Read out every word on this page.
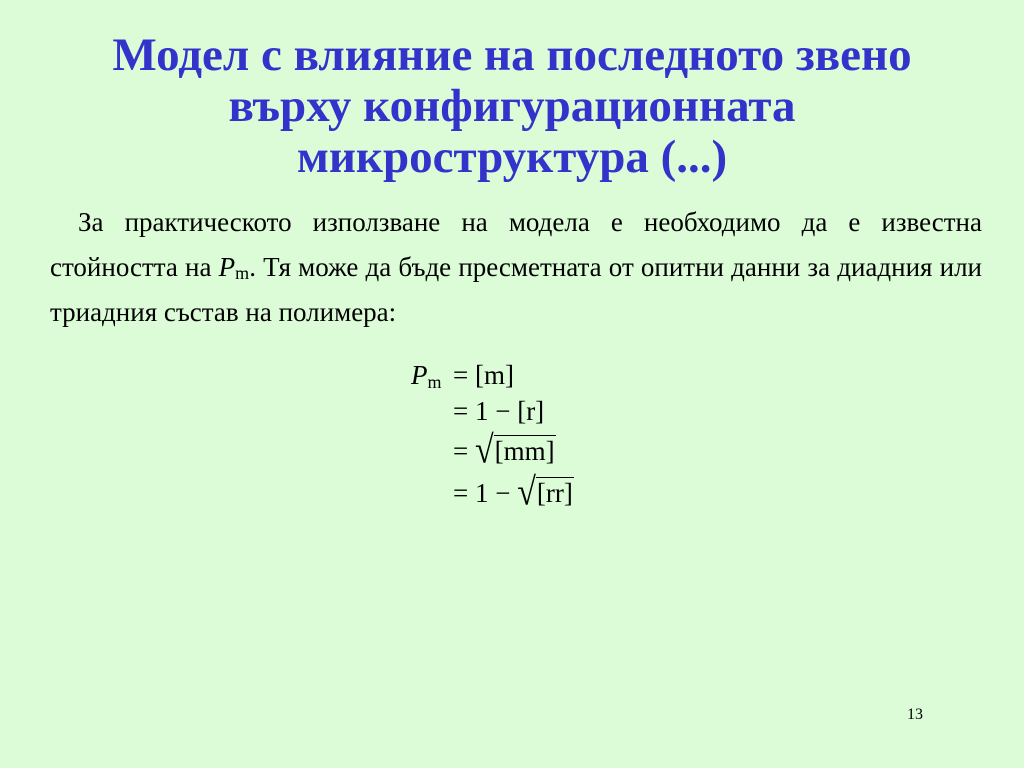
Модел с влияние на последното звено
върху конфигурационната
микроструктура (...)
За практическото използване на модела е необходимо да е известна стойността на $P_m$. Тя може да бъде пресметната от опитни данни за диадния или триадния състав на полимера:
$P_m = [m]$
= 1 − [r]
= √[mm]
= 1 − √[rr]
13
